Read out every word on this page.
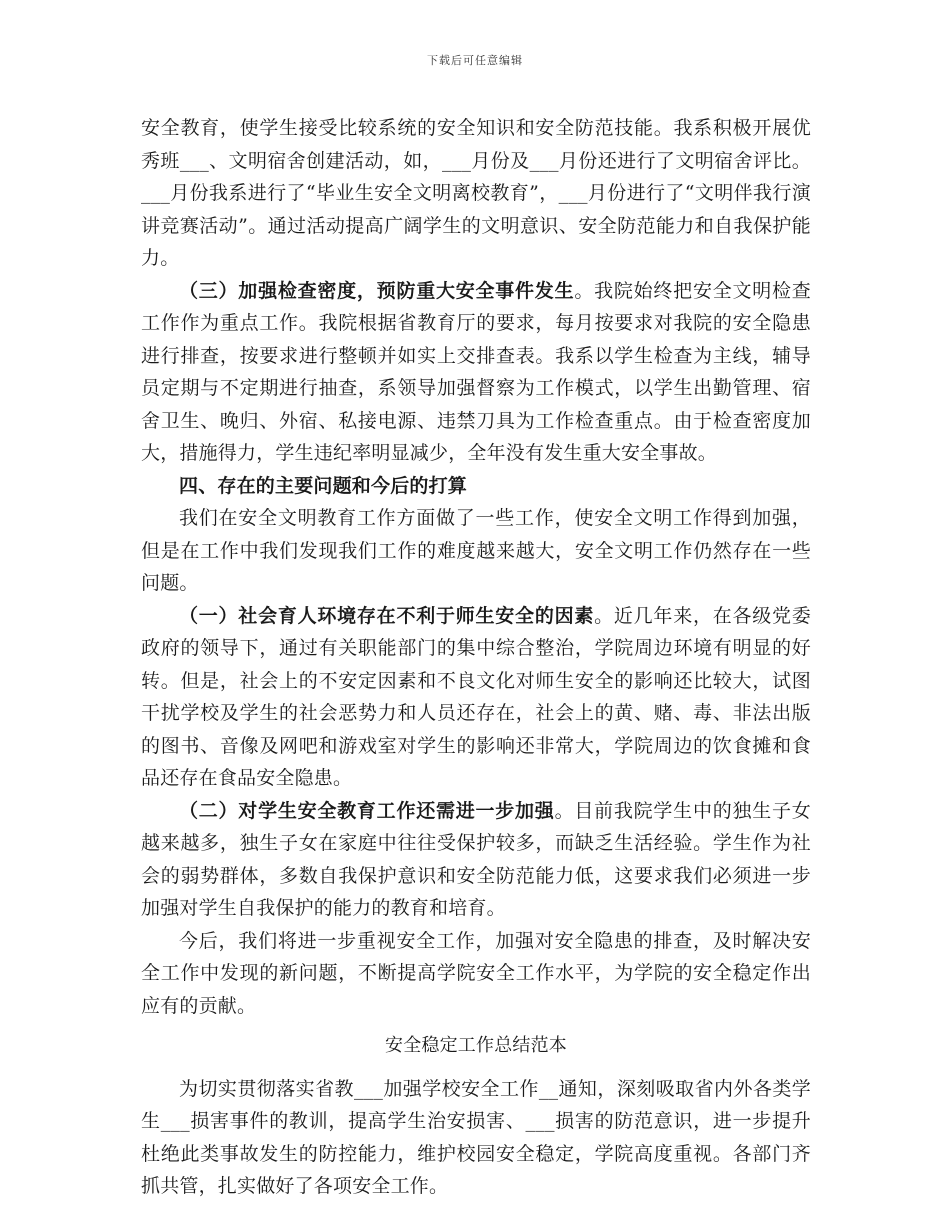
下载后可任意编辑

安全教育，使学生接受比较系统的安全知识和安全防范技能。我系积极开展优秀班___、文明宿舍创建活动，如，___月份及___月份还进行了文明宿舍评比。___月份我系进行了“毕业生安全文明离校教育”，___月份进行了“文明伴我行演讲竞赛活动”。通过活动提高广阔学生的文明意识、安全防范能力和自我保护能力。

（三）加强检查密度，预防重大安全事件发生。我院始终把安全文明检查工作作为重点工作。我院根据省教育厅的要求，每月按要求对我院的安全隐患进行排查，按要求进行整顿并如实上交排查表。我系以学生检查为主线，辅导员定期与不定期进行抽查，系领导加强督察为工作模式，以学生出勤管理、宿舍卫生、晚归、外宿、私接电源、违禁刀具为工作检查重点。由于检查密度加大，措施得力，学生违纪率明显减少，全年没有发生重大安全事故。

四、存在的主要问题和今后的打算

我们在安全文明教育工作方面做了一些工作，使安全文明工作得到加强，但是在工作中我们发现我们工作的难度越来越大，安全文明工作仍然存在一些问题。

（一）社会育人环境存在不利于师生安全的因素。近几年来，在各级党委政府的领导下，通过有关职能部门的集中综合整治，学院周边环境有明显的好转。但是，社会上的不安定因素和不良文化对师生安全的影响还比较大，试图干扰学校及学生的社会恶势力和人员还存在，社会上的黄、赌、毒、非法出版的图书、音像及网吧和游戏室对学生的影响还非常大，学院周边的饮食摊和食品还存在食品安全隐患。

（二）对学生安全教育工作还需进一步加强。目前我院学生中的独生子女越来越多，独生子女在家庭中往往受保护较多，而缺乏生活经验。学生作为社会的弱势群体，多数自我保护意识和安全防范能力低，这要求我们必须进一步加强对学生自我保护的能力的教育和培育。

今后，我们将进一步重视安全工作，加强对安全隐患的排查，及时解决安全工作中发现的新问题，不断提高学院安全工作水平，为学院的安全稳定作出应有的贡献。

安全稳定工作总结范本

为切实贯彻落实省教___加强学校安全工作__通知，深刻吸取省内外各类学生___损害事件的教训，提高学生治安损害、___损害的防范意识，进一步提升杜绝此类事故发生的防控能力，维护校园安全稳定，学院高度重视。各部门齐抓共管，扎实做好了各项安全工作。
